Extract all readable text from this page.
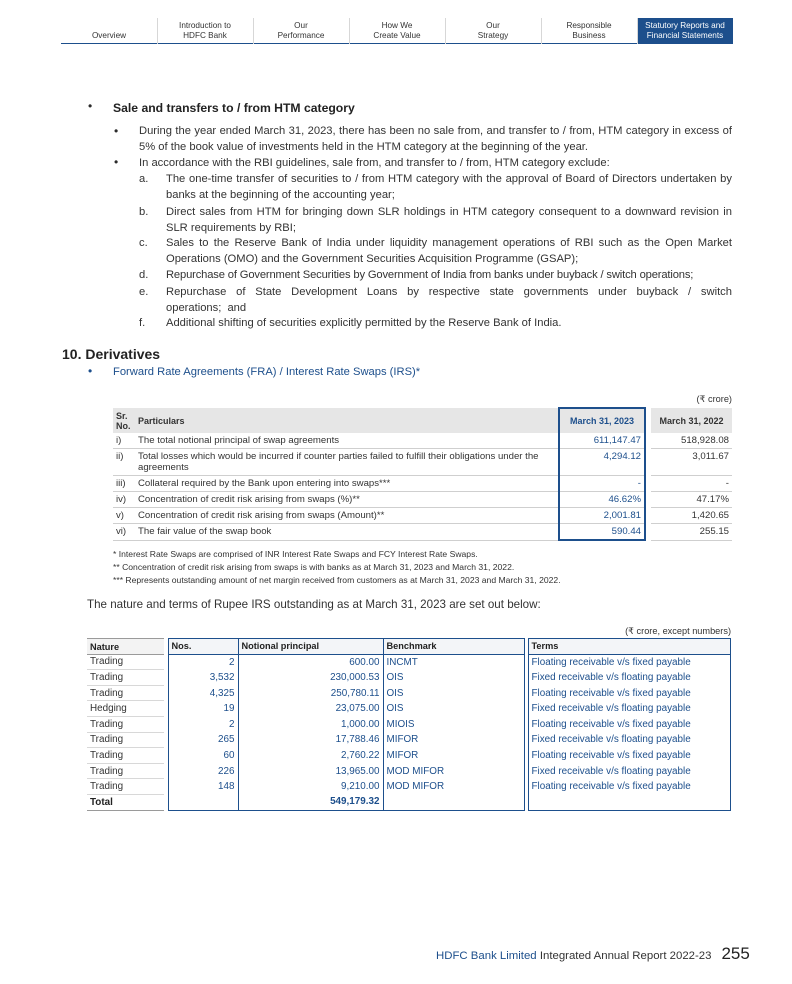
Overview
Introduction to
HDFC Bank
Our
Performance
How We
Create Value
Our
Strategy
Responsible
Business
Statutory Reports and
Financial Statements
• Sale and transfers to / from HTM category
• During the year ended March 31, 2023, there has been no sale from, and transfer to / from, HTM category in excess of 5% of the book value of investments held in the HTM category at the beginning of the year.
• In accordance with the RBI guidelines, sale from, and transfer to / from, HTM category exclude:
a. The one-time transfer of securities to / from HTM category with the approval of Board of Directors undertaken by banks at the beginning of the accounting year;
b. Direct sales from HTM for bringing down SLR holdings in HTM category consequent to a downward revision in SLR requirements by RBI;
c. Sales to the Reserve Bank of India under liquidity management operations of RBI such as the Open Market Operations (OMO) and the Government Securities Acquisition Programme (GSAP);
d. Repurchase of Government Securities by Government of India from banks under buyback / switch operations;
e. Repurchase of State Development Loans by respective state governments under buyback / switch operations; and
f. Additional shifting of securities explicitly permitted by the Reserve Bank of India.
10. Derivatives
• Forward Rate Agreements (FRA) / Interest Rate Swaps (IRS)*
(₹ crore)
Sr.
No.	Particulars	March 31, 2023		March 31, 2022
i)	The total notional principal of swap agreements	611,147.47		518,928.08
ii)	Total losses which would be incurred if counter parties failed to fulfill their obligations under the agreements	4,294.12		3,011.67
iii)	Collateral required by the Bank upon entering into swaps***	-		-
iv)	Concentration of credit risk arising from swaps (%)**	46.62%		47.17%
v)	Concentration of credit risk arising from swaps (Amount)**	2,001.81		1,420.65
vi)	The fair value of the swap book	590.44		255.15
* Interest Rate Swaps are comprised of INR Interest Rate Swaps and FCY Interest Rate Swaps.
** Concentration of credit risk arising from swaps is with banks as at March 31, 2023 and March 31, 2022.
*** Represents outstanding amount of net margin received from customers as at March 31, 2023 and March 31, 2022.
The nature and terms of Rupee IRS outstanding as at March 31, 2023 are set out below:
(₹ crore, except numbers)
Nature		Nos.	Notional principal	Benchmark		Terms
Trading		2	600.00	INCMT		Floating receivable v/s fixed payable
Trading		3,532	230,000.53	OIS		Fixed receivable v/s floating payable
Trading		4,325	250,780.11	OIS		Floating receivable v/s fixed payable
Hedging		19	23,075.00	OIS		Fixed receivable v/s floating payable
Trading		2	1,000.00	MIOIS		Floating receivable v/s fixed payable
Trading		265	17,788.46	MIFOR		Fixed receivable v/s floating payable
Trading		60	2,760.22	MIFOR		Floating receivable v/s fixed payable
Trading		226	13,965.00	MOD MIFOR		Fixed receivable v/s floating payable
Trading		148	9,210.00	MOD MIFOR		Floating receivable v/s fixed payable
Total			549,179.32			
HDFC Bank Limited Integrated Annual Report 2022-23 255
